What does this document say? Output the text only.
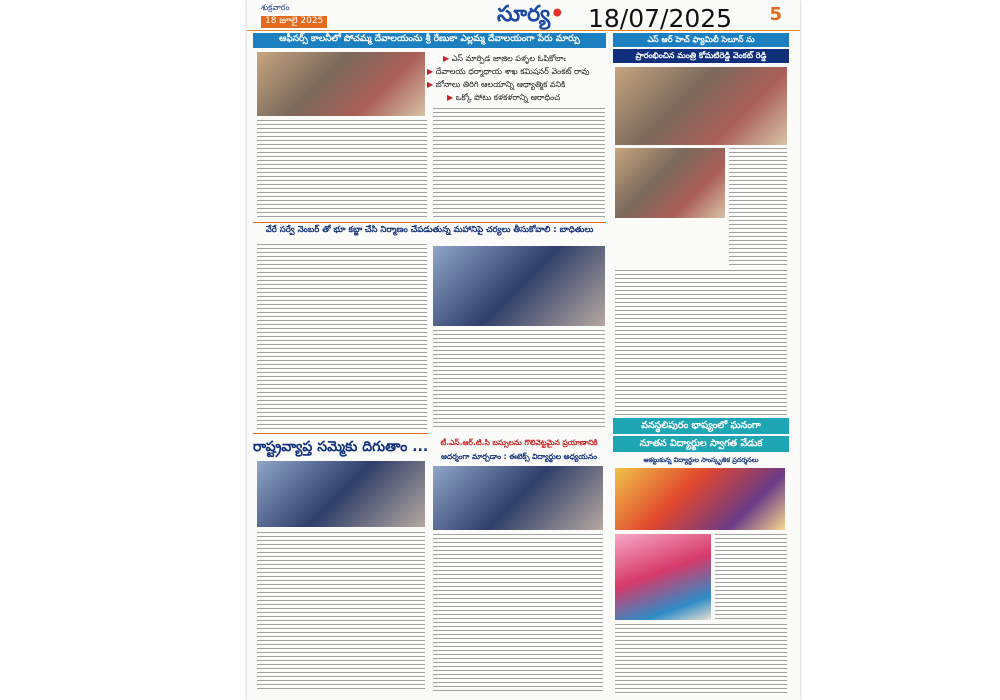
శుక్రవారం
18 జూలై 2025	సూర్య•	5
ఆఫీసర్స్ కాలనీలో పోచమ్మ దేవాలయంను శ్రీ రేణుకా ఎల్లమ్మ దేవాలయంగా పేరు మార్పు
▶ ఎస్ మార్పిడ జాజిల పళ్ళల ఓపికోలాఁ
▶ దేవాలయ ధర్మాధాయ శాఖ కమిషనర్ వెంకట్ రావు
▶ బోనాలు తిరిగి ఆలయాన్ని ఆధ్యాత్మిక వనికి
▶ ఒక్కో పోటు కళకళరాన్ని ఆరాధించ
ఎస్ ఆర్ హెచ్ ఫ్యామిలీ సెలూన్ ను
ప్రారంభించిన మంత్రి కోమటిరెడ్డి వెంకట్ రెడ్డి
వేరే సర్వే నెంబర్ తో భూ కబ్జా చేసి నిర్మాణం చేపడుతున్న మహానిపై చర్యలు తీసుకోవాలి : బాధితులు
రాష్ట్రవ్యాప్త సమ్మెకు దిగుతాం ...	టీ.ఎస్.ఆర్.టి.సి బస్సులను గొలివెట్టమైన ప్రయాణానికి
ఆదర్శంగా మార్చడాం : ఈటెక్స్ విద్యార్థుల అధ్యయనం
వనస్థలిపురం భాష్యంలో ఘనంగా
నూతన విద్యార్థుల స్వాగత వేడుక
ఆకట్టుకున్న విద్యార్థుల సాంస్కృతిక ప్రదర్శనలు
18/07/2025
